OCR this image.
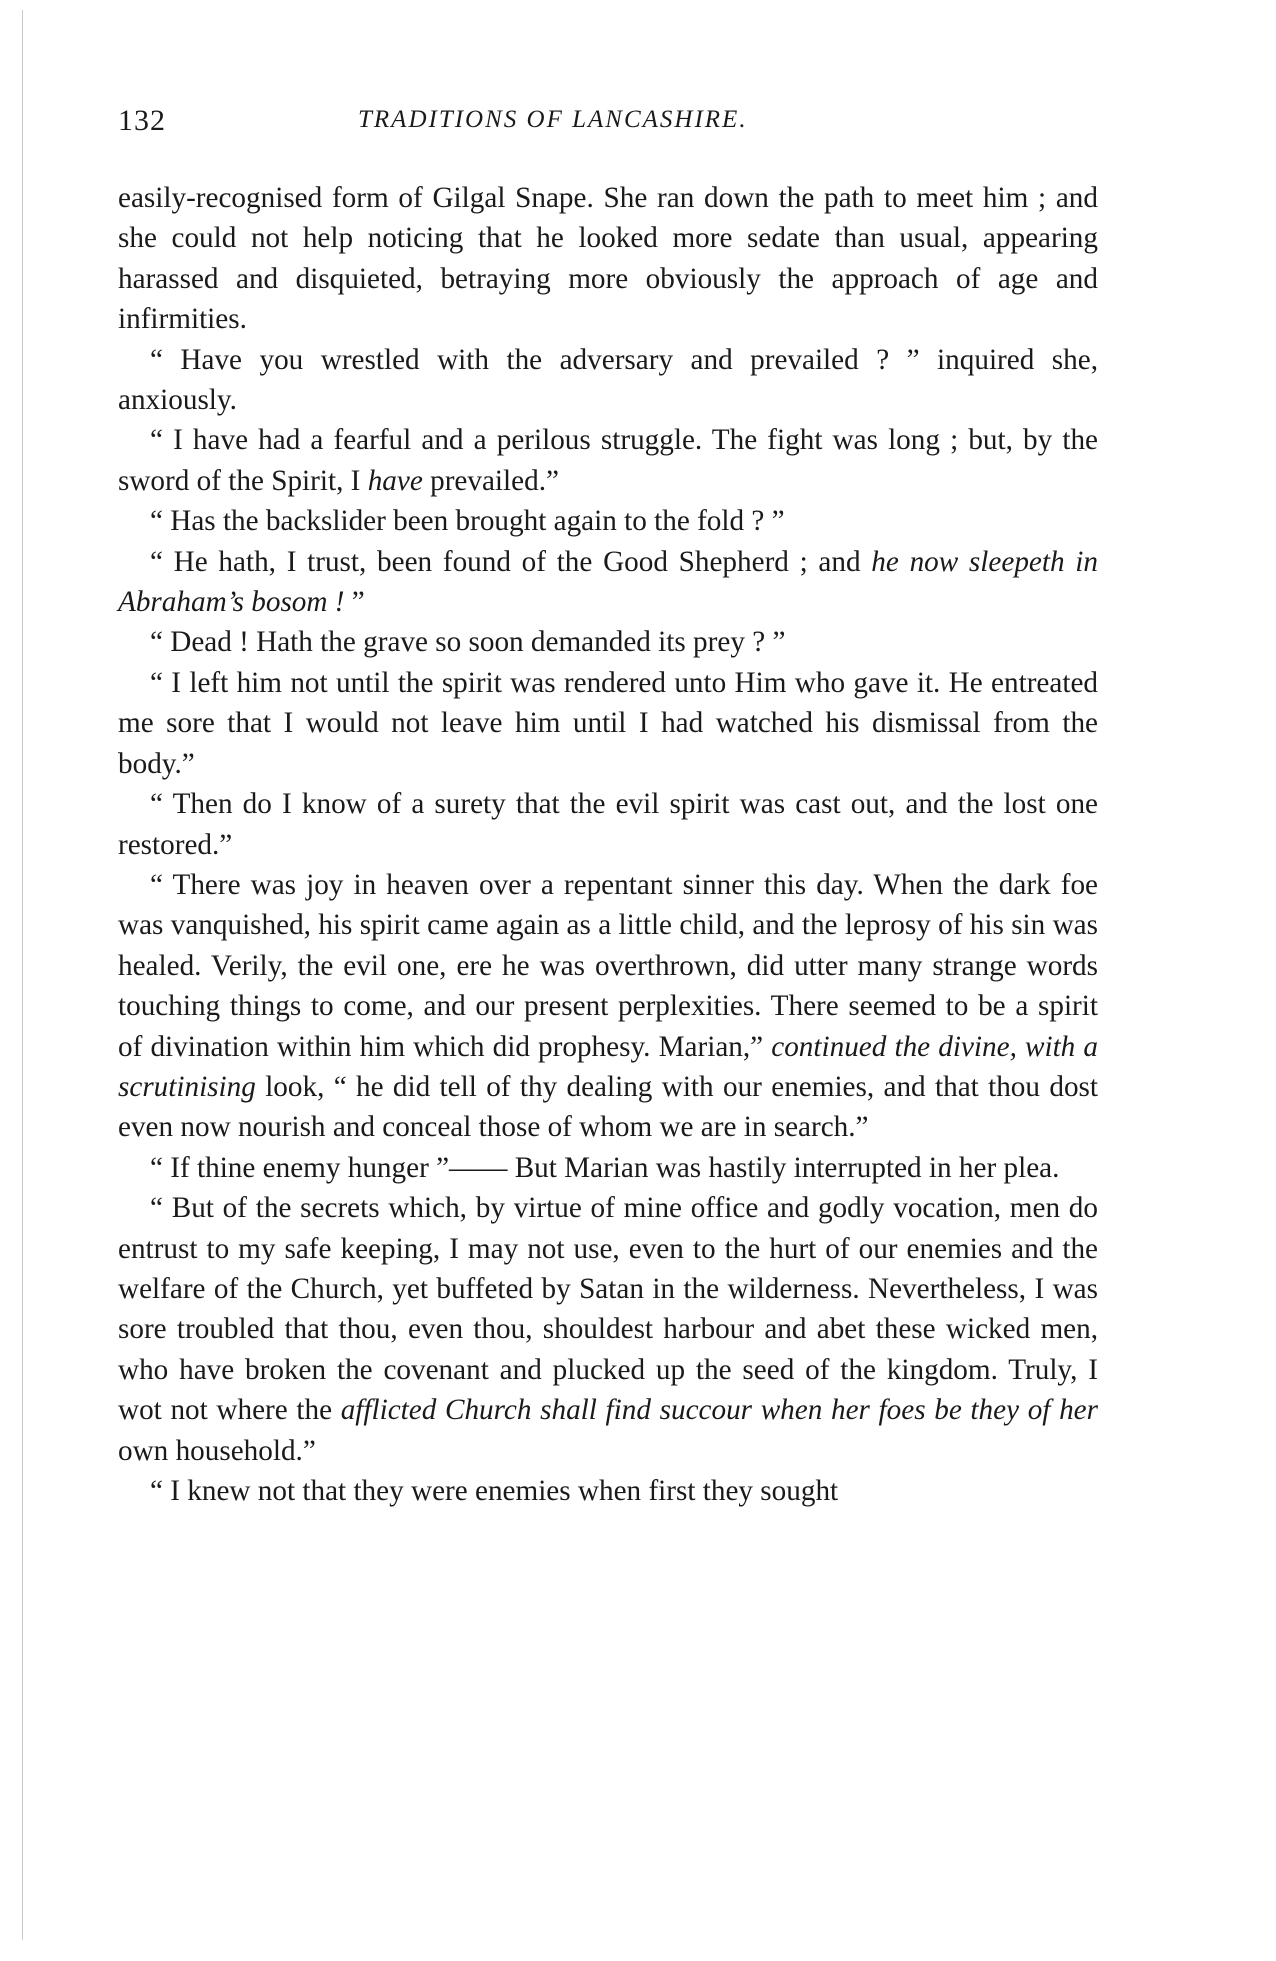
132	TRADITIONS OF LANCASHIRE.

easily-recognised form of Gilgal Snape. She ran down the path to meet him ; and she could not help noticing that he looked more sedate than usual, appearing harassed and disquieted, betraying more obviously the approach of age and infirmities.

“ Have you wrestled with the adversary and prevailed ? ” inquired she, anxiously.

“ I have had a fearful and a perilous struggle. The fight was long ; but, by the sword of the Spirit, I have prevailed.”

“ Has the backslider been brought again to the fold ? ”

“ He hath, I trust, been found of the Good Shepherd ; and he now sleepeth in Abraham’s bosom ! ”

“ Dead ! Hath the grave so soon demanded its prey ? ”

“ I left him not until the spirit was rendered unto Him who gave it. He entreated me sore that I would not leave him until I had watched his dismissal from the body.”

“ Then do I know of a surety that the evil spirit was cast out, and the lost one restored.”

“ There was joy in heaven over a repentant sinner this day. When the dark foe was vanquished, his spirit came again as a little child, and the leprosy of his sin was healed. Verily, the evil one, ere he was overthrown, did utter many strange words touching things to come, and our present perplexities. There seemed to be a spirit of divination within him which did prophesy. Marian,” continued the divine, with a scrutinising look, “ he did tell of thy dealing with our enemies, and that thou dost even now nourish and conceal those of whom we are in search.”

“ If thine enemy hunger ”—— But Marian was hastily interrupted in her plea.

“ But of the secrets which, by virtue of mine office and godly vocation, men do entrust to my safe keeping, I may not use, even to the hurt of our enemies and the welfare of the Church, yet buffeted by Satan in the wilderness. Nevertheless, I was sore troubled that thou, even thou, shouldest harbour and abet these wicked men, who have broken the covenant and plucked up the seed of the kingdom. Truly, I wot not where the afflicted Church shall find succour when her foes be they of her own household.”

“ I knew not that they were enemies when first they sought
